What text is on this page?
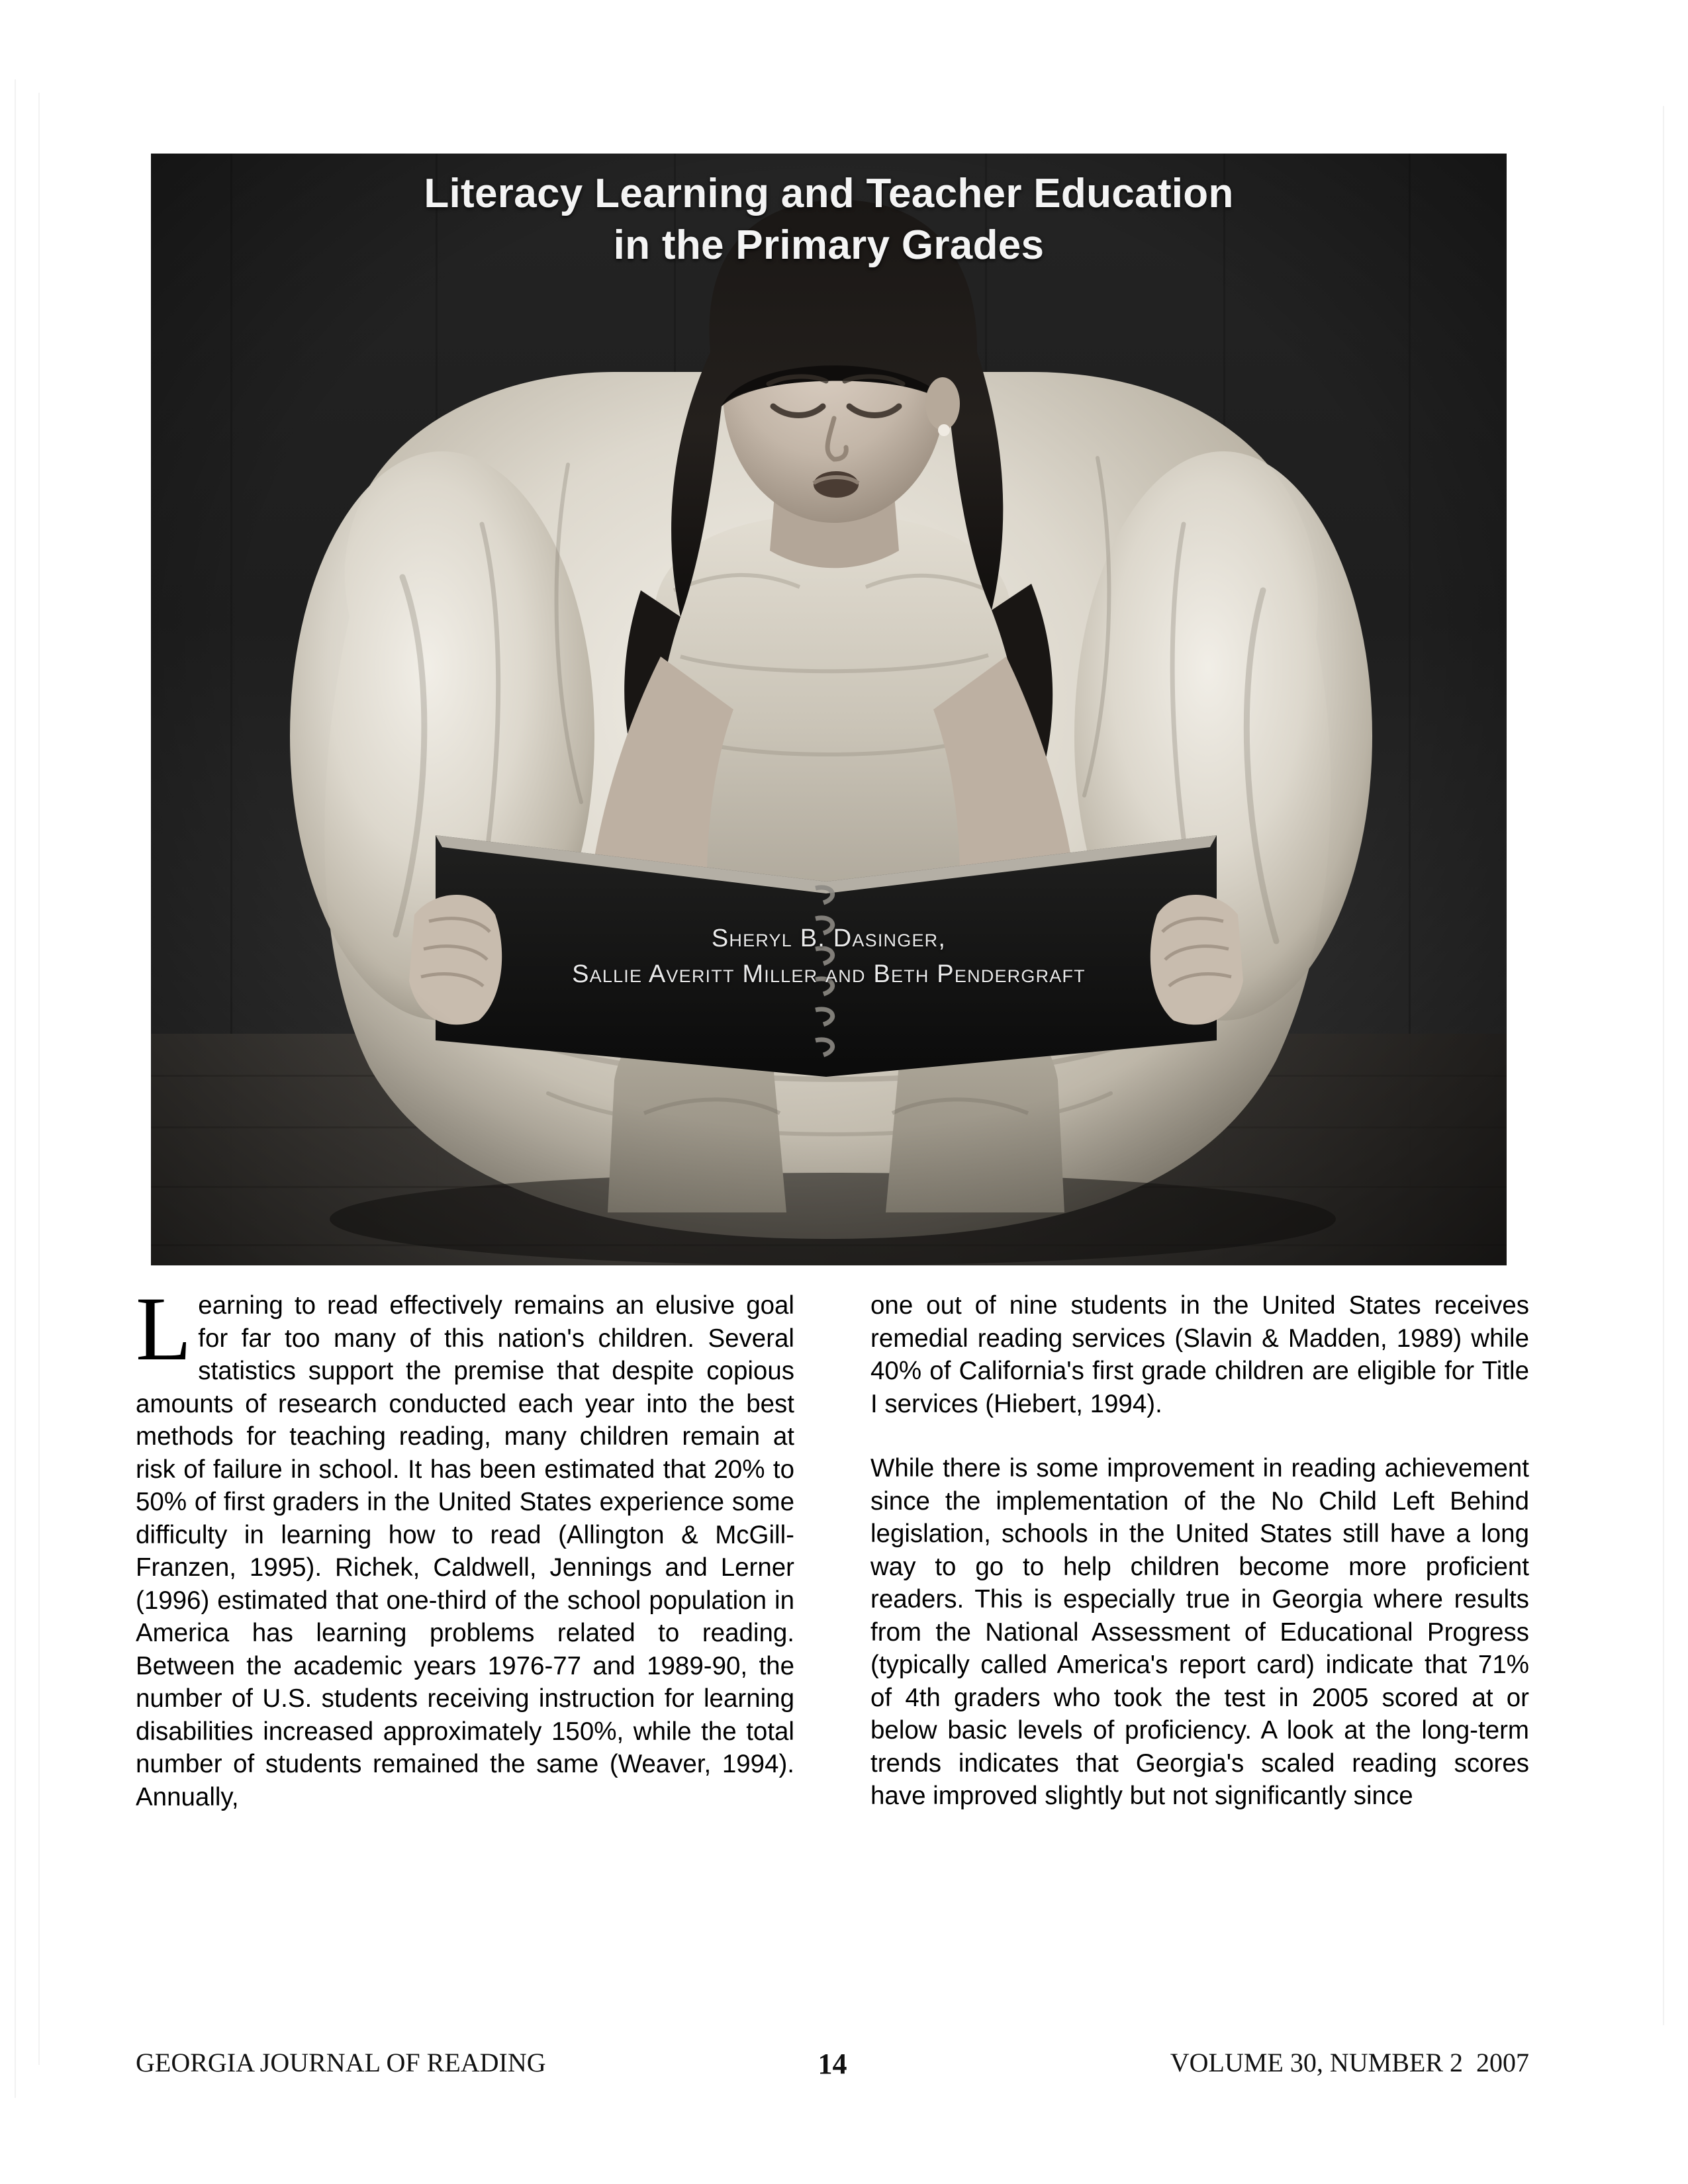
Literacy Learning and Teacher Education
in the Primary Grades
Sheryl B. Dasinger,
Sallie Averitt Miller and Beth Pendergraft

Learning to read effectively remains an elusive goal for far too many of this nation's children. Several statistics support the premise that despite copious amounts of research conducted each year into the best methods for teaching reading, many children remain at risk of failure in school. It has been estimated that 20% to 50% of first graders in the United States experience some difficulty in learning how to read (Allington & McGill-Franzen, 1995). Richek, Caldwell, Jennings and Lerner (1996) estimated that one-third of the school population in America has learning problems related to reading. Between the academic years 1976-77 and 1989-90, the number of U.S. students receiving instruction for learning disabilities increased approximately 150%, while the total number of students remained the same (Weaver, 1994). Annually,

one out of nine students in the United States receives remedial reading services (Slavin & Madden, 1989) while 40% of California's first grade children are eligible for Title I services (Hiebert, 1994).

While there is some improvement in reading achievement since the implementation of the No Child Left Behind legislation, schools in the United States still have a long way to go to help children become more proficient readers. This is especially true in Georgia where results from the National Assessment of Educational Progress (typically called America's report card) indicate that 71% of 4th graders who took the test in 2005 scored at or below basic levels of proficiency. A look at the long-term trends indicates that Georgia's scaled reading scores have improved slightly but not significantly since

GEORGIA JOURNAL OF READING	14	VOLUME 30, NUMBER 2  2007
